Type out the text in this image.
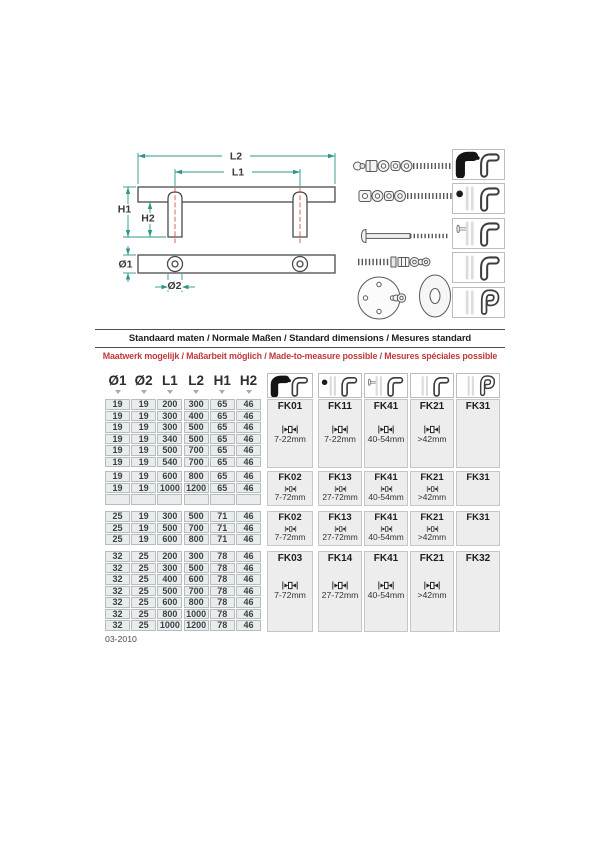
L2
L1
H1
H2
Ø1
Ø2
Standaard maten / Normale Maßen / Standard dimensions / Mesures standard
Maatwerk mogelijk / Maßarbeit möglich / Made-to-measure possible / Mesures spéciales possible
Ø1 Ø2 L1 L2 H1 H2
19	19	200	300	65	46
19	19	300	400	65	46
19	19	300	500	65	46
19	19	340	500	65	46
19	19	500	700	65	46
19	19	540	700	65	46
FK01
7-22mm
FK11
7-22mm
FK41
40-54mm
FK21
>42mm
FK31
19	19	600	800	65	46
19	19	1000 1200	65	46
FK02
7-72mm
FK13
27-72mm
FK41
40-54mm
FK21
>42mm
FK31
25	19	300	500	71	46
25	19	500	700	71	46
25	19	600	800	71	46
FK02
7-72mm
FK13
27-72mm
FK41
40-54mm
FK21
>42mm
FK31
32	25	200	300	78	46
32	25	300	500	78	46
32	25	400	600	78	46
32	25	500	700	78	46
32	25	600	800	78	46
32	25	800 1000	78	46
32	25	1000 1200	78	46
FK03
7-72mm
FK14
27-72mm
FK41
40-54mm
FK21
>42mm
FK32
03-2010
